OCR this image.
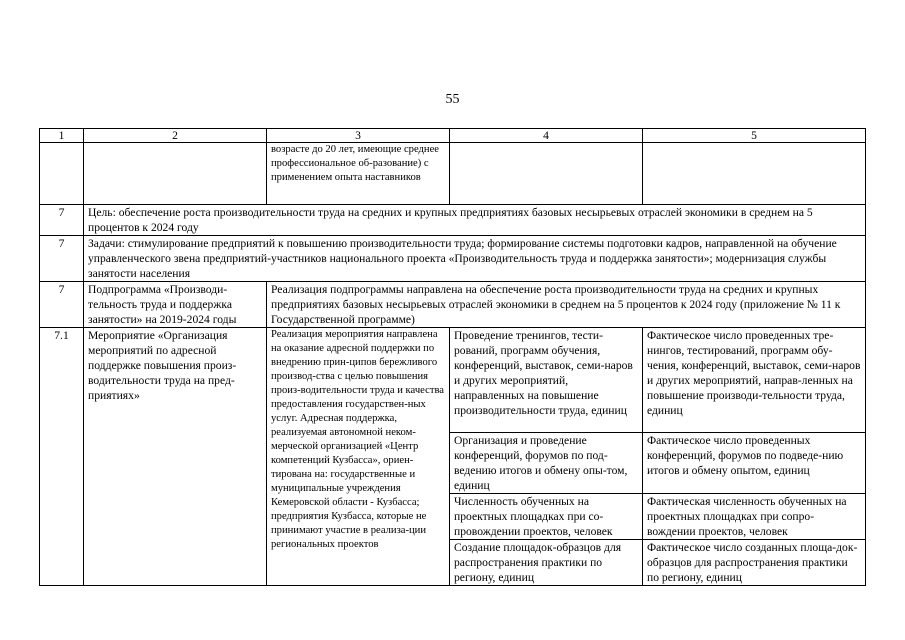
55
1	2	3	4	5
		возрасте до 20 лет, имеющие среднее профессиональное об-разование) с применением опыта наставников		
7	Цель: обеспечение роста производительности труда на средних и крупных предприятиях базовых несырьевых отраслей экономики в среднем на 5 процентов к 2024 году			
7	Задачи: стимулирование предприятий к повышению производительности труда; формирование системы подготовки кадров, направленной на обучение управленческого звена предприятий-участников национального проекта «Производительность труда и поддержка занятости»; модернизация службы занятости населения			
7	Подпрограмма «Производи-тельность труда и поддержка занятости» на 2019-2024 годы	Реализация подпрограммы направлена на обеспечение роста производительности труда на средних и крупных предприятиях базовых несырьевых отраслей экономики в среднем на 5 процентов к 2024 году (приложение № 11 к Государственной программе)		
7.1	Мероприятие «Организация мероприятий по адресной поддержке повышения произ-водительности труда на пред-приятиях»	Реализация мероприятия направлена на оказание адресной поддержки по внедрению прин-ципов бережливого производ-ства с целью повышения произ-водительности труда и качества предоставления государствен-ных услуг. Адресная поддержка, реализуемая автономной неком-мерческой организацией «Центр компетенций Кузбасса», ориен-тирована на: государственные и муниципальные учреждения Кемеровской области - Кузбасса; предприятия Кузбасса, которые не принимают участие в реализа-ции региональных проектов	Проведение тренингов, тести-рований, программ обучения, конференций, выставок, семи-наров и других мероприятий, направленных на повышение производительности труда, единиц	Фактическое число проведенных тре-нингов, тестирований, программ обу-чения, конференций, выставок, семи-наров и других мероприятий, направ-ленных на повышение производи-тельности труда, единиц
			Организация и проведение конференций, форумов по под-ведению итогов и обмену опы-том, единиц	Фактическое число проведенных конференций, форумов по подведе-нию итогов и обмену опытом, единиц
			Численность обученных на проектных площадках при со-провождении проектов, человек	Фактическая численность обученных на проектных площадках при сопро-вождении проектов, человек
			Создание площадок-образцов для распространения практики по региону, единиц	Фактическое число созданных площа-док-образцов для распространения практики по региону, единиц
